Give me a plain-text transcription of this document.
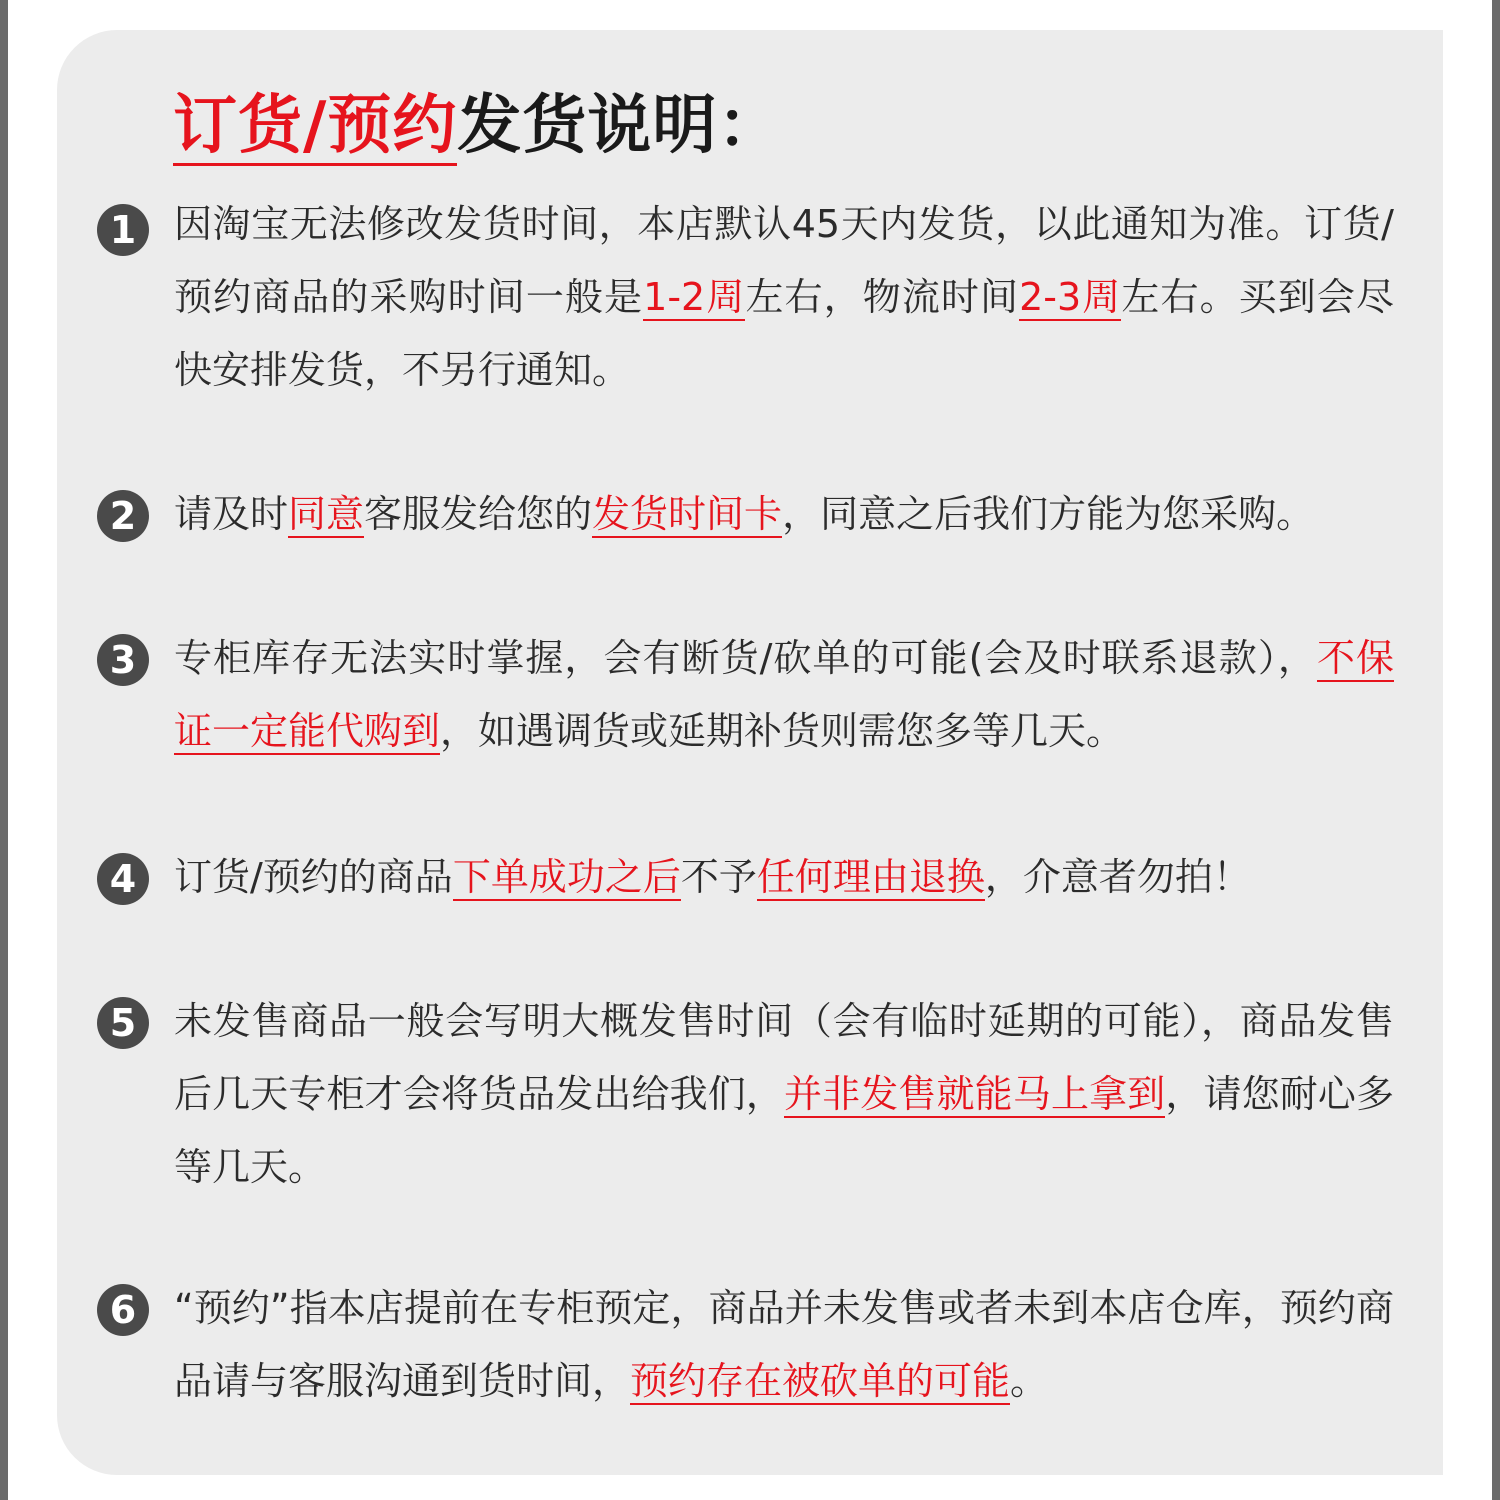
订货/预约发货说明：
1 因淘宝无法修改发货时间，本店默认45天内发货，以此通知为准。订货/预约商品的采购时间一般是1-2周左右，物流时间2-3周左右。买到会尽快安排发货，不另行通知。

2 请及时同意客服发给您的发货时间卡，同意之后我们方能为您采购。

3 专柜库存无法实时掌握，会有断货/砍单的可能(会及时联系退款），不保证一定能代购到，如遇调货或延期补货则需您多等几天。

4 订货/预约的商品下单成功之后不予任何理由退换，介意者勿拍！

5 未发售商品一般会写明大概发售时间（会有临时延期的可能），商品发售后几天专柜才会将货品发出给我们，并非发售就能马上拿到，请您耐心多等几天。

6 “预约”指本店提前在专柜预定，商品并未发售或者未到本店仓库，预约商品请与客服沟通到货时间，预约存在被砍单的可能。
